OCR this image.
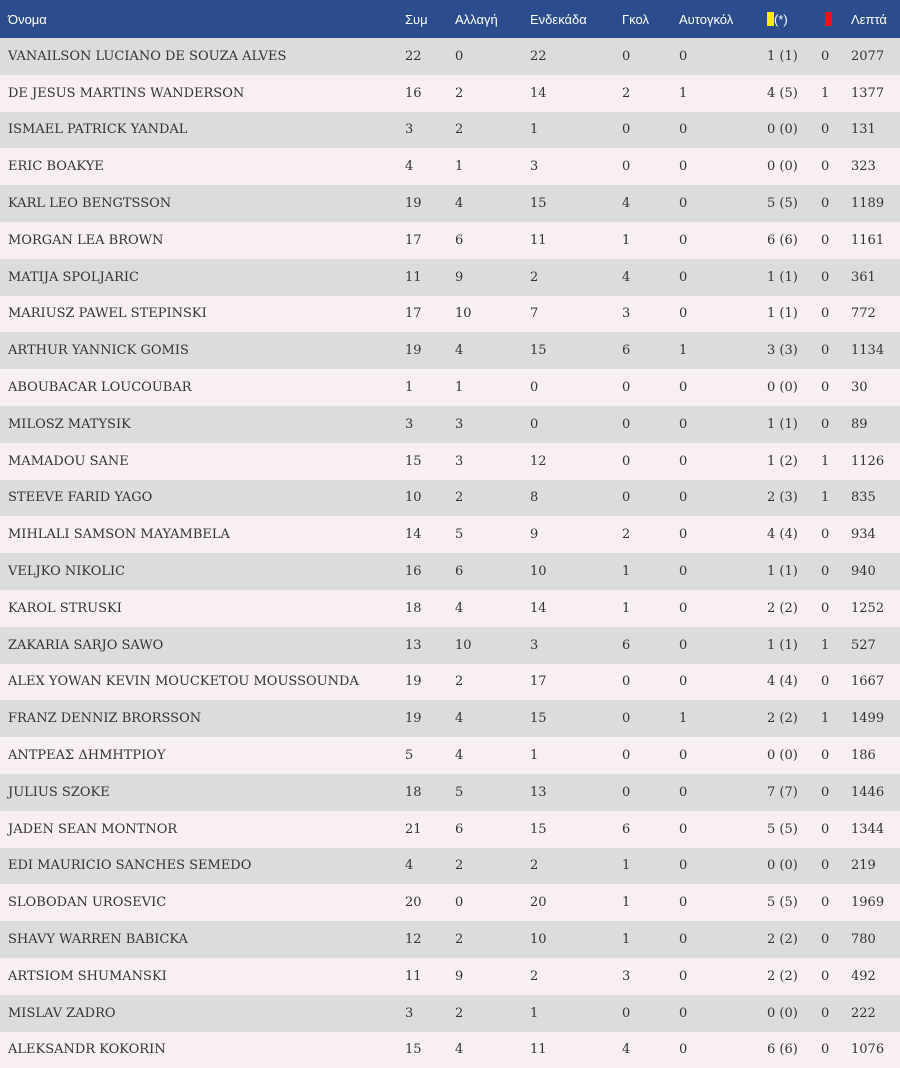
Όνομα	Συμ	Αλλαγή	Ενδεκάδα	Γκολ	Αυτογκόλ	(*)		Λεπτά
VANAILSON LUCIANO DE SOUZA ALVES	22	0	22	0	0	1 (1)	0	2077
DE JESUS MARTINS WANDERSON	16	2	14	2	1	4 (5)	1	1377
ISMAEL PATRICK YANDAL	3	2	1	0	0	0 (0)	0	131
ERIC BOAKYE	4	1	3	0	0	0 (0)	0	323
KARL LEO BENGTSSON	19	4	15	4	0	5 (5)	0	1189
MORGAN LEA BROWN	17	6	11	1	0	6 (6)	0	1161
MATIJA SPOLJARIC	11	9	2	4	0	1 (1)	0	361
MARIUSZ PAWEL STEPINSKI	17	10	7	3	0	1 (1)	0	772
ARTHUR YANNICK GOMIS	19	4	15	6	1	3 (3)	0	1134
ABOUBACAR LOUCOUBAR	1	1	0	0	0	0 (0)	0	30
MILOSZ MATYSIK	3	3	0	0	0	1 (1)	0	89
MAMADOU SANE	15	3	12	0	0	1 (2)	1	1126
STEEVE FARID YAGO	10	2	8	0	0	2 (3)	1	835
MIHLALI SAMSON MAYAMBELA	14	5	9	2	0	4 (4)	0	934
VELJKO NIKOLIC	16	6	10	1	0	1 (1)	0	940
KAROL STRUSKI	18	4	14	1	0	2 (2)	0	1252
ZAKARIA SARJO SAWO	13	10	3	6	0	1 (1)	1	527
ALEX YOWAN KEVIN MOUCKETOU MOUSSOUNDA	19	2	17	0	0	4 (4)	0	1667
FRANZ DENNIZ BRORSSON	19	4	15	0	1	2 (2)	1	1499
ΑΝΤΡΕΑΣ ΔΗΜΗΤΡΙΟΥ	5	4	1	0	0	0 (0)	0	186
JULIUS SZOKE	18	5	13	0	0	7 (7)	0	1446
JADEN SEAN MONTNOR	21	6	15	6	0	5 (5)	0	1344
EDI MAURICIO SANCHES SEMEDO	4	2	2	1	0	0 (0)	0	219
SLOBODAN UROSEVIC	20	0	20	1	0	5 (5)	0	1969
SHAVY WARREN BABICKA	12	2	10	1	0	2 (2)	0	780
ARTSIOM SHUMANSKI	11	9	2	3	0	2 (2)	0	492
MISLAV ZADRO	3	2	1	0	0	0 (0)	0	222
ALEKSANDR KOKORIN	15	4	11	4	0	6 (6)	0	1076
